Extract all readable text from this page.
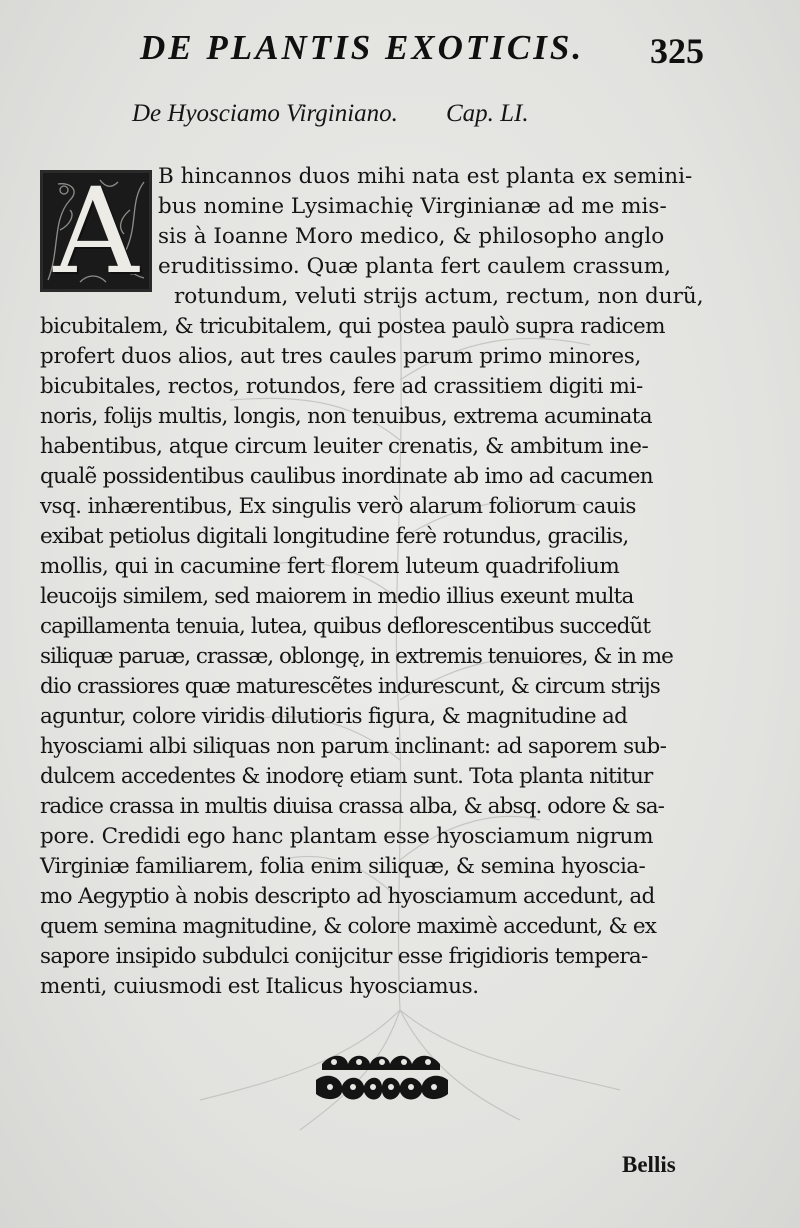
DE PLANTIS EXOTICIS. 325
De Hyosciamo Virginiano. Cap. LI.
A B hincannos duos mihi nata est planta ex semini-
bus nomine Lysimachię Virginianæ ad me mis-
sis à Ioanne Moro medico, & philosopho anglo
eruditissimo. Quæ planta fert caulem crassum,
rotundum, veluti strijs actum, rectum, non durũ,
bicubitalem, & tricubitalem, qui postea paulò supra radicem
profert duos alios, aut tres caules parum primo minores,
bicubitales, rectos, rotundos, fere ad crassitiem digiti mi-
noris, folijs multis, longis, non tenuibus, extrema acuminata
habentibus, atque circum leuiter crenatis, & ambitum ine-
qualẽ possidentibus caulibus inordinate ab imo ad cacumen
vsq. inhærentibus, Ex singulis verò alarum foliorum cauis
exibat petiolus digitali longitudine ferè rotundus, gracilis,
mollis, qui in cacumine fert florem luteum quadrifolium
leucoijs similem, sed maiorem in medio illius exeunt multa
capillamenta tenuia, lutea, quibus deflorescentibus succedũt
siliquæ paruæ, crassæ, oblongę, in extremis tenuiores, & in me
dio crassiores quæ maturescẽtes indurescunt, & circum strijs
aguntur, colore viridis dilutioris figura, & magnitudine ad
hyosciami albi siliquas non parum inclinant: ad saporem sub-
dulcem accedentes & inodorę etiam sunt. Tota planta nititur
radice crassa in multis diuisa crassa alba, & absq. odore & sa-
pore. Credidi ego hanc plantam esse hyosciamum nigrum
Virginiæ familiarem, folia enim siliquæ, & semina hyoscia-
mo Aegyptio à nobis descripto ad hyosciamum accedunt, ad
quem semina magnitudine, & colore maximè accedunt, & ex
sapore insipido subdulci conijcitur esse frigidioris tempera-
menti, cuiusmodi est Italicus hyosciamus.
Bellis
